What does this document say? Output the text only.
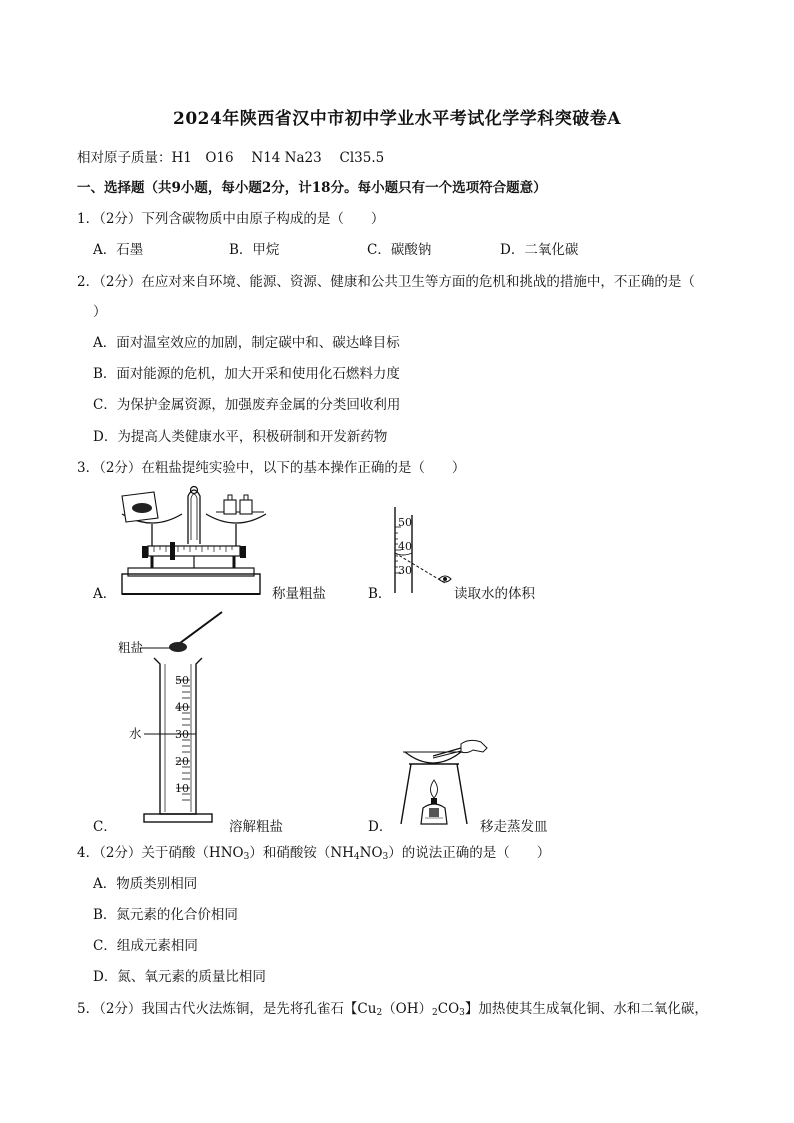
2024年陕西省汉中市初中学业水平考试化学学科突破卷A
相对原子质量：H1　O16　 N14 Na23　 Cl35.5
一、选择题（共9小题，每小题2分，计18分。每小题只有一个选项符合题意）
1．（2分）下列含碳物质中由原子构成的是（　　）
A．石墨	B．甲烷	C．碳酸钠	D．二氧化碳
2．（2分）在应对来自环境、能源、资源、健康和公共卫生等方面的危机和挑战的措施中，不正确的是（
）
A．面对温室效应的加剧，制定碳中和、碳达峰目标
B．面对能源的危机，加大开采和使用化石燃料力度
C．为保护金属资源，加强废弃金属的分类回收利用
D．为提高人类健康水平，积极研制和开发新药物
3．（2分）在粗盐提纯实验中，以下的基本操作正确的是（　　）
A．	称量粗盐	B．
50
40
30
读取水的体积
粗盐
水
50
40
30
20
10
C．	溶解粗盐	D．	移走蒸发皿
4．（2分）关于硝酸$(HNO_3)$和硝酸铵$(NH_4NO_3)$的说法正确的是（　　）
A．物质类别相同
B．氮元素的化合价相同
C．组成元素相同
D．氮、氧元素的质量比相同
5．（2分）我国古代火法炼铜，是先将孔雀石【$Cu_2(OH)_2CO_3$】加热使其生成氧化铜、水和二氧化碳，
